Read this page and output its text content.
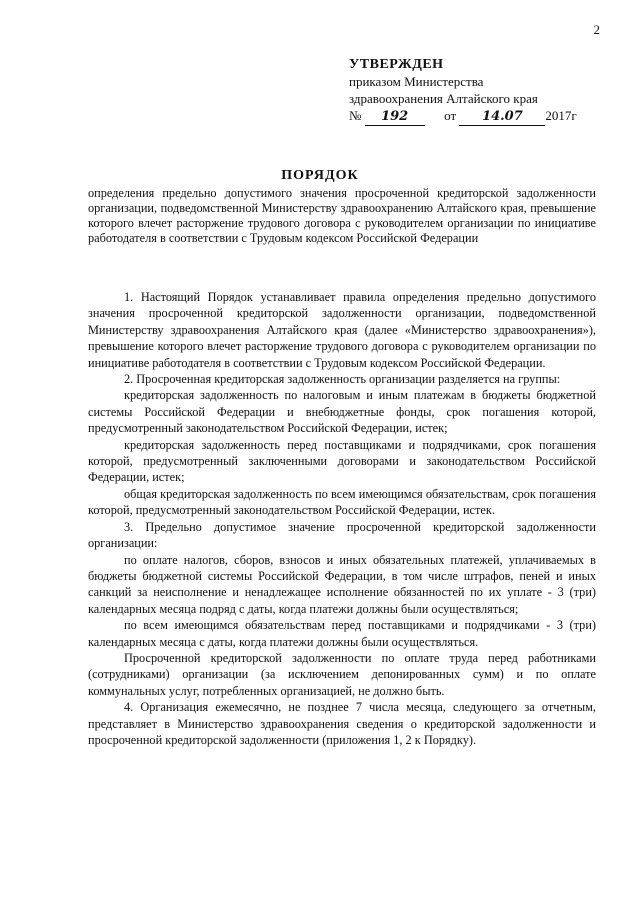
2
УТВЕРЖДЕН
приказом Министерства
здравоохранения Алтайского края
№ 192	от 14.07 2017г
ПОРЯДОК
определения предельно допустимого значения просроченной кредиторской задолженности организации, подведомственной Министерству здравоохранению Алтайского края, превышение которого влечет расторжение трудового договора с руководителем организации по инициативе работодателя в соответствии с Трудовым кодексом Российской Федерации

1. Настоящий Порядок устанавливает правила определения предельно допустимого значения просроченной кредиторской задолженности организации, подведомственной Министерству здравоохранения Алтайского края (далее «Министерство здравоохранения»), превышение которого влечет расторжение трудового договора с руководителем организации по инициативе работодателя в соответствии с Трудовым кодексом Российской Федерации.

2. Просроченная кредиторская задолженность организации разделяется на группы:

кредиторская задолженность по налоговым и иным платежам в бюджеты бюджетной системы Российской Федерации и внебюджетные фонды, срок погашения которой, предусмотренный законодательством Российской Федерации, истек;

кредиторская задолженность перед поставщиками и подрядчиками, срок погашения которой, предусмотренный заключенными договорами и законодательством Российской Федерации, истек;

общая кредиторская задолженность по всем имеющимся обязательствам, срок погашения которой, предусмотренный законодательством Российской Федерации, истек.

3. Предельно допустимое значение просроченной кредиторской задолженности организации:

по оплате налогов, сборов, взносов и иных обязательных платежей, уплачиваемых в бюджеты бюджетной системы Российской Федерации, в том числе штрафов, пеней и иных санкций за неисполнение и ненадлежащее исполнение обязанностей по их уплате - 3 (три) календарных месяца подряд с даты, когда платежи должны были осуществляться;

по всем имеющимся обязательствам перед поставщиками и подрядчиками - 3 (три) календарных месяца с даты, когда платежи должны были осуществляться.

Просроченной кредиторской задолженности по оплате труда перед работниками (сотрудниками) организации (за исключением депонированных сумм) и по оплате коммунальных услуг, потребленных организацией, не должно быть.

4. Организация ежемесячно, не позднее 7 числа месяца, следующего за отчетным, представляет в Министерство здравоохранения сведения о кредиторской задолженности и просроченной кредиторской задолженности (приложения 1, 2 к Порядку).
